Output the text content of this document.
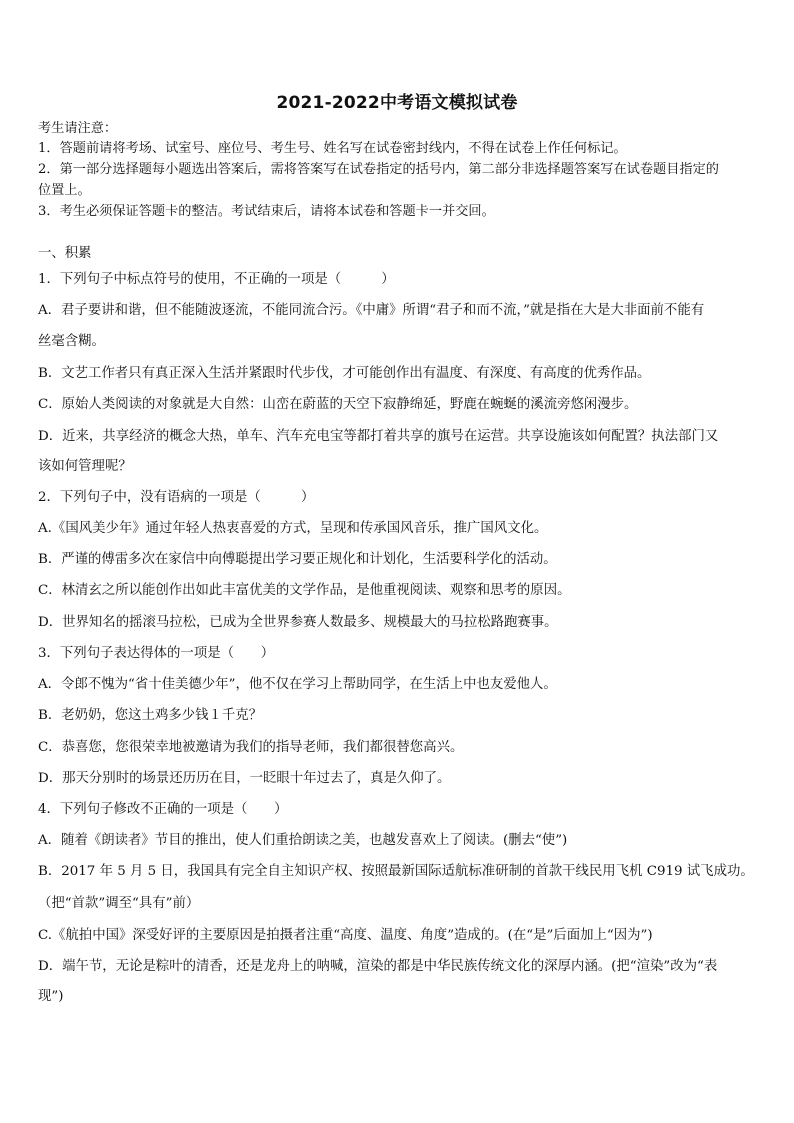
2021-2022中考语文模拟试卷
考生请注意：
1．答题前请将考场、试室号、座位号、考生号、姓名写在试卷密封线内，不得在试卷上作任何标记。
2．第一部分选择题每小题选出答案后，需将答案写在试卷指定的括号内，第二部分非选择题答案写在试卷题目指定的
位置上。
3．考生必须保证答题卡的整洁。考试结束后，请将本试卷和答题卡一并交回。
一、积累
1．下列句子中标点符号的使用，不正确的一项是（　　　）
A．君子要讲和谐，但不能随波逐流，不能同流合污。《中庸》所谓“君子和而不流，”就是指在大是大非面前不能有
丝毫含糊。
B．文艺工作者只有真正深入生活并紧跟时代步伐，才可能创作出有温度、有深度、有高度的优秀作品。
C．原始人类阅读的对象就是大自然：山峦在蔚蓝的天空下寂静绵延，野鹿在蜿蜒的溪流旁悠闲漫步。
D．近来，共享经济的概念大热，单车、汽车充电宝等都打着共享的旗号在运营。共享设施该如何配置？执法部门又
该如何管理呢？
2．下列句子中，没有语病的一项是（　　　）
A.《国风美少年》通过年轻人热衷喜爱的方式，呈现和传承国风音乐，推广国风文化。
B．严谨的傅雷多次在家信中向傅聪提出学习要正规化和计划化，生活要科学化的活动。
C．林清玄之所以能创作出如此丰富优美的文学作品，是他重视阅读、观察和思考的原因。
D．世界知名的摇滚马拉松，已成为全世界参赛人数最多、规模最大的马拉松路跑赛事。
3．下列句子表达得体的一项是（　　）
A．令郎不愧为“省十佳美德少年”，他不仅在学习上帮助同学，在生活上中也友爱他人。
B．老奶奶，您这土鸡多少钱１千克？
C．恭喜您，您很荣幸地被邀请为我们的指导老师，我们都很替您高兴。
D．那天分别时的场景还历历在目，一眨眼十年过去了，真是久仰了。
4．下列句子修改不正确的一项是（　　）
A．随着《朗读者》节目的推出，使人们重拾朗读之美，也越发喜欢上了阅读。(删去“使”)
B．2017 年 5 月 5 日，我国具有完全自主知识产权、按照最新国际适航标准研制的首款干线民用飞机 C919 试飞成功。
（把“首款”调至“具有”前）
C.《航拍中国》深受好评的主要原因是拍摄者注重“高度、温度、角度”造成的。(在“是”后面加上“因为”)
D．端午节，无论是粽叶的清香，还是龙舟上的呐喊，渲染的都是中华民族传统文化的深厚内涵。(把“渲染”改为“表
现”)
